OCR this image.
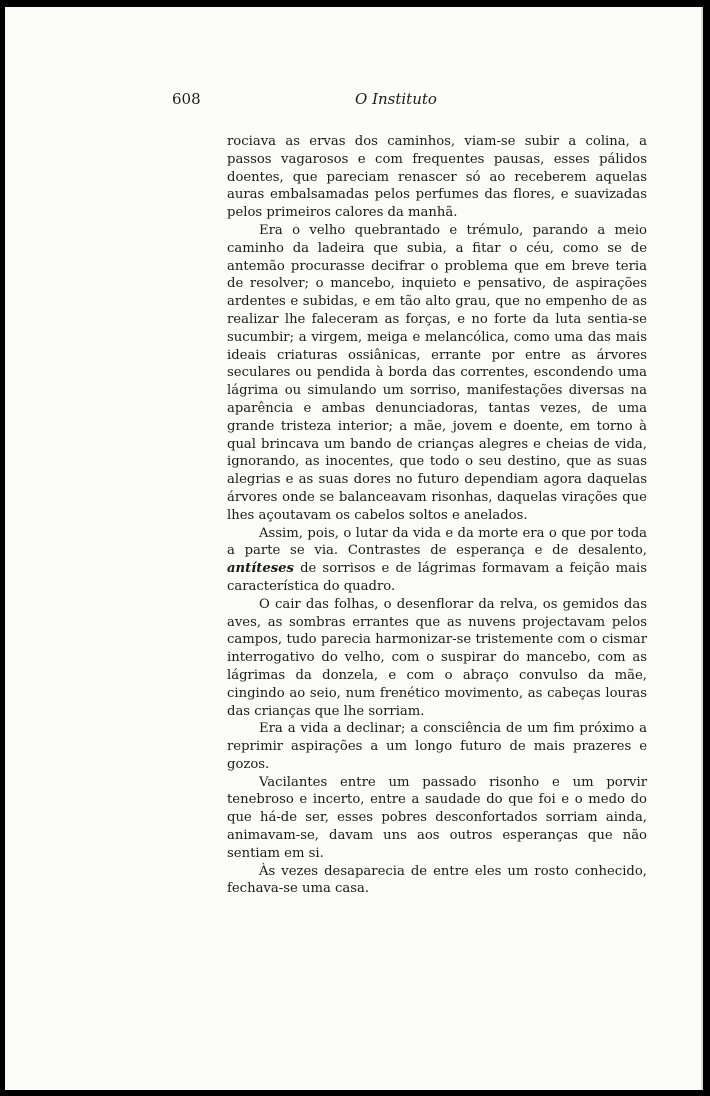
608	O Instituto

rociava as ervas dos caminhos, viam-se subir a colina, a passos vagarosos e com frequentes pausas, esses pálidos doentes, que pareciam renascer só ao receberem aquelas auras embalsamadas pelos perfumes das flores, e suavizadas pelos primeiros calores da manhã.

Era o velho quebrantado e trémulo, parando a meio caminho da ladeira que subia, a fitar o céu, como se de antemão procurasse decifrar o problema que em breve teria de resolver; o mancebo, inquieto e pensativo, de aspirações ardentes e subidas, e em tão alto grau, que no empenho de as realizar lhe faleceram as forças, e no forte da luta sentia-se sucumbir; a virgem, meiga e melancólica, como uma das mais ideais criaturas ossiânicas, errante por entre as árvores seculares ou pendida à borda das correntes, escondendo uma lágrima ou simulando um sorriso, manifestações diversas na aparência e ambas denunciadoras, tantas vezes, de uma grande tristeza interior; a mãe, jovem e doente, em torno à qual brincava um bando de crianças alegres e cheias de vida, ignorando, as inocentes, que todo o seu destino, que as suas alegrias e as suas dores no futuro dependiam agora daquelas árvores onde se balanceavam risonhas, daquelas virações que lhes açoutavam os cabelos soltos e anelados.

Assim, pois, o lutar da vida e da morte era o que por toda a parte se via. Contrastes de esperança e de desalento, antíteses de sorrisos e de lágrimas formavam a feição mais característica do quadro.

O cair das folhas, o desenflorar da relva, os gemidos das aves, as sombras errantes que as nuvens projectavam pelos campos, tudo parecia harmonizar-se tristemente com o cismar interrogativo do velho, com o suspirar do mancebo, com as lágrimas da donzela, e com o abraço convulso da mãe, cingindo ao seio, num frenético movimento, as cabeças louras das crianças que lhe sorriam.

Era a vida a declinar; a consciência de um fim próximo a reprimir aspirações a um longo futuro de mais prazeres e gozos.

Vacilantes entre um passado risonho e um porvir tenebroso e incerto, entre a saudade do que foi e o medo do que há-de ser, esses pobres desconfortados sorriam ainda, animavam-se, davam uns aos outros esperanças que não sentiam em si.

Às vezes desaparecia de entre eles um rosto conhecido, fechava-se uma casa.
